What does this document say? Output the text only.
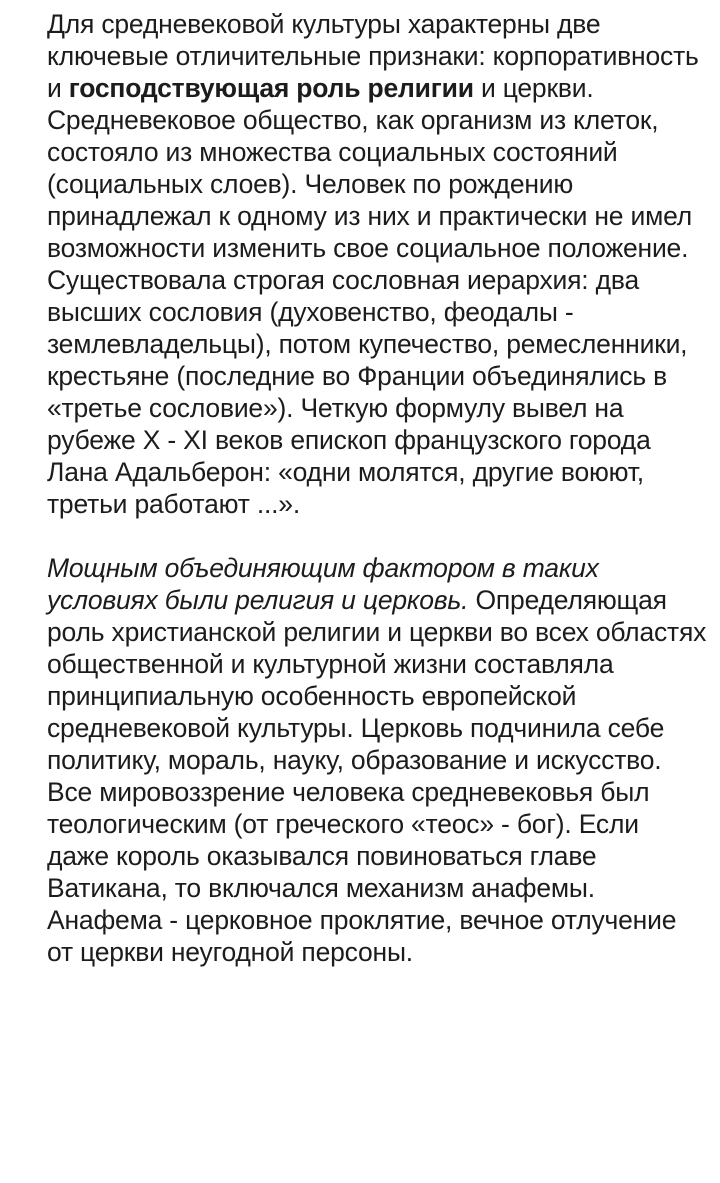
Для средневековой культуры характерны две ключевые отличительные признаки: корпоративность и господствующая роль религии и церкви. Средневековое общество, как организм из клеток, состояло из множества социальных состояний (социальных слоев). Человек по рождению принадлежал к одному из них и практически не имел возможности изменить свое социальное положение. Существовала строгая сословная иерархия: два высших сословия (духовенство, феодалы - землевладельцы), потом купечество, ремесленники, крестьяне (последние во Франции объединялись в «третье сословие»). Четкую формулу вывел на рубеже X - XI веков епископ французского города Лана Адальберон: «одни молятся, другие воюют, третьи работают ...».

Мощным объединяющим фактором в таких условиях были религия и церковь. Определяющая роль христианской религии и церкви во всех областях общественной и культурной жизни составляла принципиальную особенность европейской средневековой культуры. Церковь подчинила себе политику, мораль, науку, образование и искусство. Все мировоззрение человека средневековья был теологическим (от греческого «теос» - бог). Если даже король оказывался повиноваться главе Ватикана, то включался механизм анафемы. Анафема - церковное проклятие, вечное отлучение от церкви неугодной персоны.
